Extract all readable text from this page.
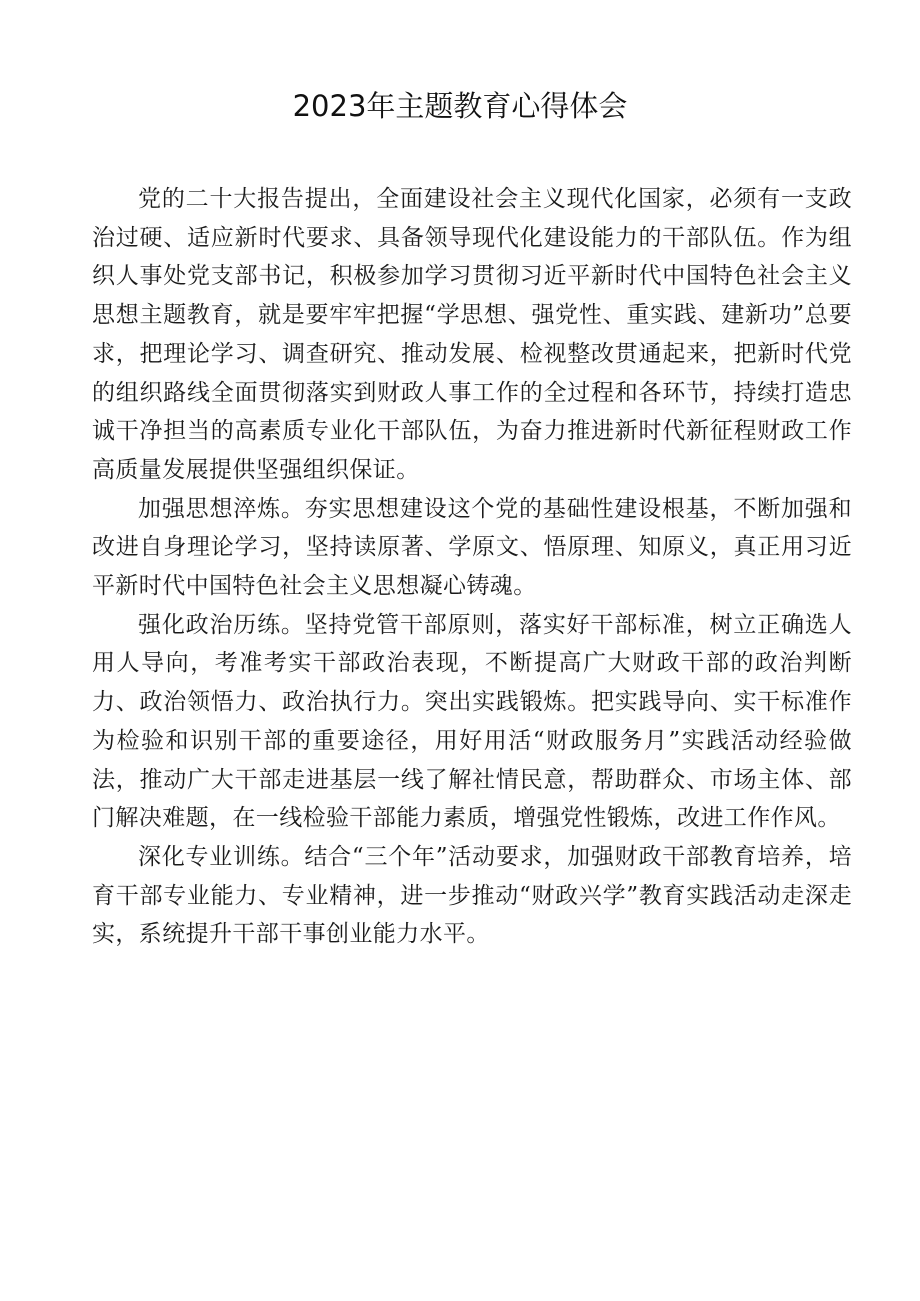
2023年主题教育心得体会

党的二十大报告提出，全面建设社会主义现代化国家，必须有一支政治过硬、适应新时代要求、具备领导现代化建设能力的干部队伍。作为组织人事处党支部书记，积极参加学习贯彻习近平新时代中国特色社会主义思想主题教育，就是要牢牢把握“学思想、强党性、重实践、建新功”总要求，把理论学习、调查研究、推动发展、检视整改贯通起来，把新时代党的组织路线全面贯彻落实到财政人事工作的全过程和各环节，持续打造忠诚干净担当的高素质专业化干部队伍，为奋力推进新时代新征程财政工作高质量发展提供坚强组织保证。

加强思想淬炼。夯实思想建设这个党的基础性建设根基，不断加强和改进自身理论学习，坚持读原著、学原文、悟原理、知原义，真正用习近平新时代中国特色社会主义思想凝心铸魂。

强化政治历练。坚持党管干部原则，落实好干部标准，树立正确选人用人导向，考准考实干部政治表现，不断提高广大财政干部的政治判断力、政治领悟力、政治执行力。突出实践锻炼。把实践导向、实干标准作为检验和识别干部的重要途径，用好用活“财政服务月”实践活动经验做法，推动广大干部走进基层一线了解社情民意，帮助群众、市场主体、部门解决难题，在一线检验干部能力素质，增强党性锻炼，改进工作作风。

深化专业训练。结合“三个年”活动要求，加强财政干部教育培养，培育干部专业能力、专业精神，进一步推动“财政兴学”教育实践活动走深走实，系统提升干部干事创业能力水平。
